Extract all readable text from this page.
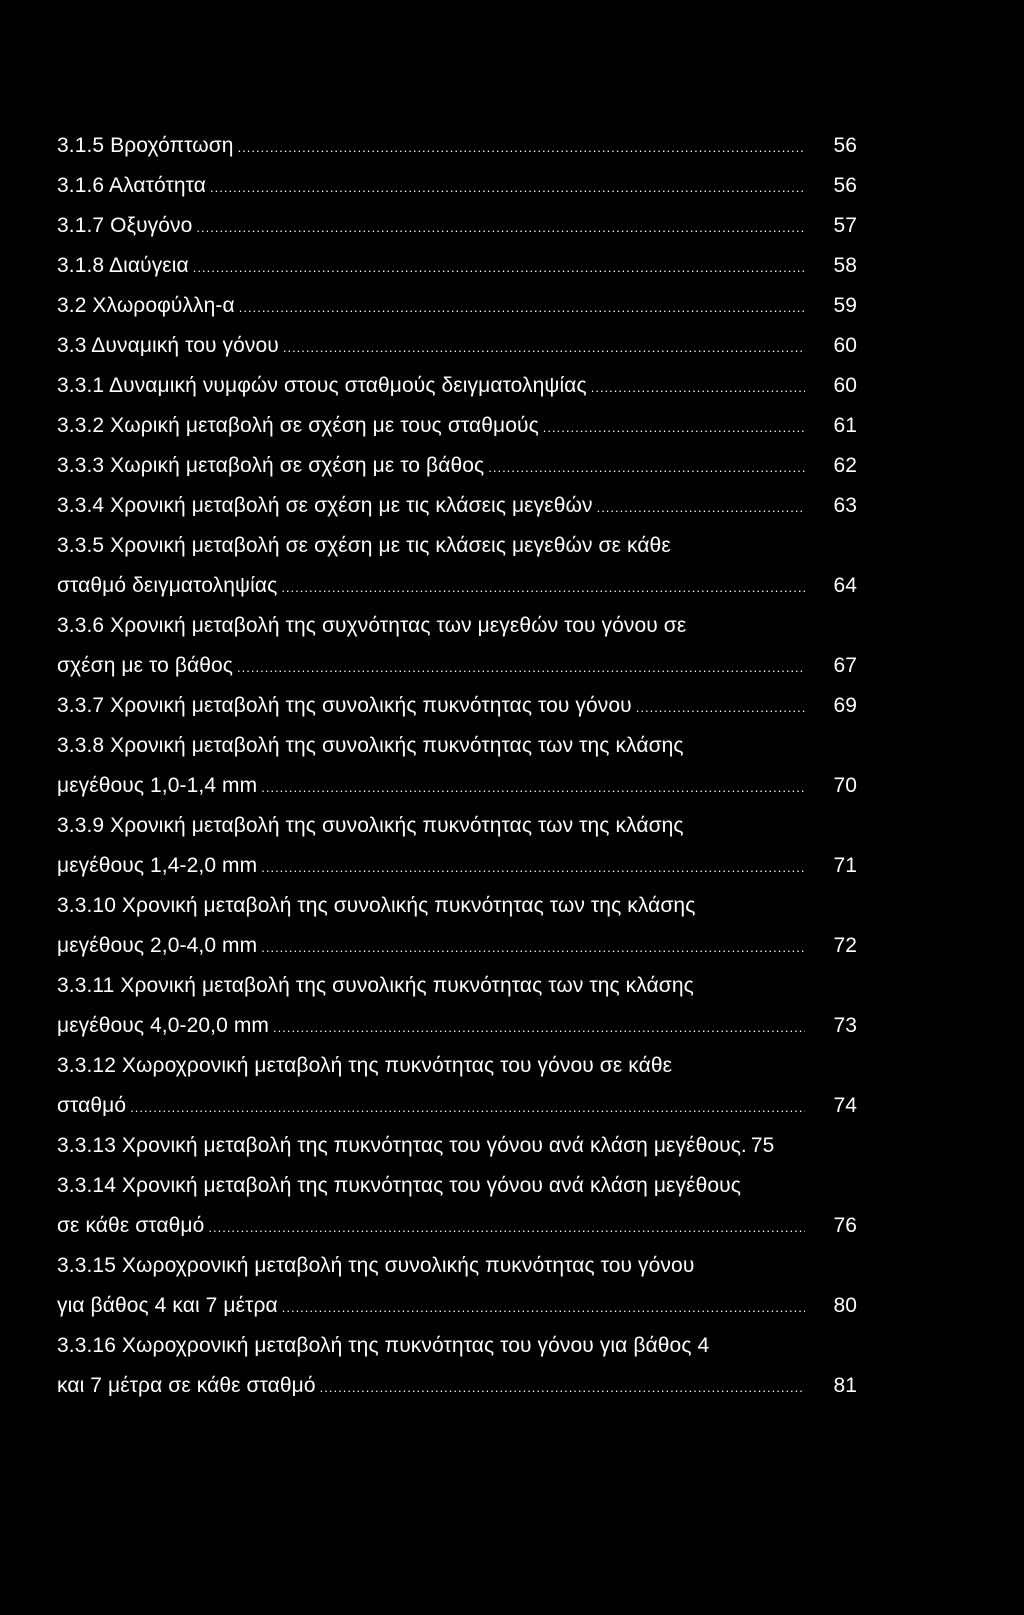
3.1.5 Βροχόπτωση .....	56
3.1.6 Αλατότητα .....	56
3.1.7 Οξυγόνο .....	57
3.1.8 Διαύγεια .....	58
3.2 Χλωροφύλλη-α .....	59
3.3 Δυναμική του γόνου .....	60
3.3.1 Δυναμική νυμφών στους σταθμούς δειγματοληψίας .....	60
3.3.2 Χωρική μεταβολή σε σχέση με τους σταθμούς .....	61
3.3.3 Χωρική μεταβολή σε σχέση με το βάθος .....	62
3.3.4 Χρονική μεταβολή σε σχέση με τις κλάσεις μεγεθών .....	63
3.3.5 Χρονική μεταβολή σε σχέση με τις κλάσεις μεγεθών σε κάθε
σταθμό δειγματοληψίας .....	64
3.3.6 Χρονική μεταβολή της συχνότητας των μεγεθών του γόνου σε
σχέση με το βάθος .....	67
3.3.7 Χρονική μεταβολή της συνολικής πυκνότητας του γόνου .....	69
3.3.8 Χρονική μεταβολή της συνολικής πυκνότητας των της κλάσης
μεγέθους 1,0-1,4 mm .....	70
3.3.9 Χρονική μεταβολή της συνολικής πυκνότητας των της κλάσης
μεγέθους 1,4-2,0 mm .....	71
3.3.10 Χρονική μεταβολή της συνολικής πυκνότητας των της κλάσης
μεγέθους 2,0-4,0 mm .....	72
3.3.11 Χρονική μεταβολή της συνολικής πυκνότητας των της κλάσης
μεγέθους 4,0-20,0 mm .....	73
3.3.12 Χωροχρονική μεταβολή της πυκνότητας του γόνου σε κάθε
σταθμό .....	74
3.3.13 Χρονική μεταβολή της πυκνότητας του γόνου ανά κλάση μεγέθους. 75
3.3.14 Χρονική μεταβολή της πυκνότητας του γόνου ανά κλάση μεγέθους
σε κάθε σταθμό .....	76
3.3.15 Χωροχρονική μεταβολή της συνολικής πυκνότητας του γόνου
για βάθος 4 και 7 μέτρα .....	80
3.3.16 Χωροχρονική μεταβολή της πυκνότητας του γόνου για βάθος 4
και 7 μέτρα σε κάθε σταθμό .....	81
